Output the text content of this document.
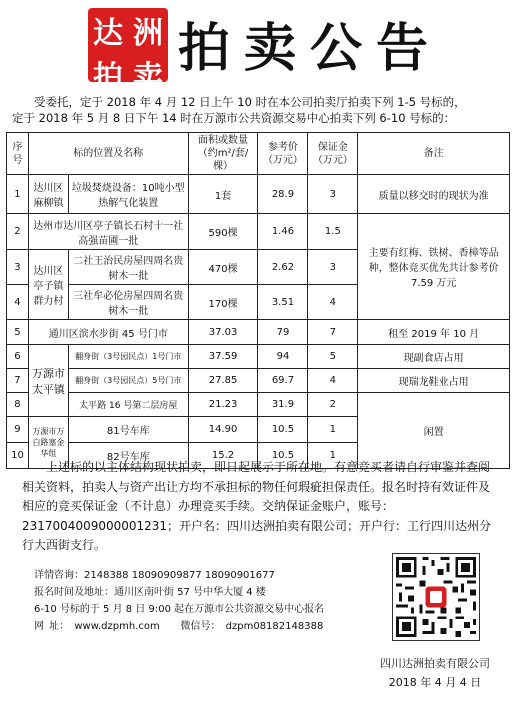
达 洲
拍 卖 拍卖公告
受委托，定于 2018 年 4 月 12 日上午 10 时在本公司拍卖厅拍卖下列 1-5 号标的，
定于 2018 年 5 月 8 日下午 14 时在万源市公共资源交易中心拍卖下列 6-10 号标的：
序号	标的位置及名称		面积或数量（约m²/套/棵）	参考价（万元）	保证金（万元）	备注
1	达川区麻柳镇	垃圾焚烧设备：10吨小型热解气化装置	1套	28.9	3	质量以移交时的现状为准
2	达州市达川区亭子镇长石村十一社高强苗圃一批		590棵	1.46	1.5	主要有红梅、铁树、香樟等品种，整体竞买优先共计参考价 7.59 万元
3	达川区亭子镇群力村	二社王治民房屋四周名贵树木一批	470棵	2.62	3	
4		三社牟必伦房屋四周名贵树木一批	170棵	3.51	4	
5	通川区滨水步街 45 号门市		37.03	79	7	租至 2019 年 10 月
6	万源市太平镇	翻身街（3号园民点）1号门市	37.59	94	5	现副食店占用
7		翻身街（3号园民点）5号门市	27.85	69.7	4	现瑞龙鞋业占用
8		太平路 16 号第二层房屋	21.23	31.9	2	闲置
9	万源市万白路塞金华组	81号车库	14.90	10.5	1	
10		82号车库	15.2	10.5	1	

上述标的以主体结构现状拍卖，即日起展示于所在地。有意竞买者请自行审鉴并查阅相关资料，拍卖人与资产出让方均不承担标的物任何瑕疵担保责任。报名时持有效证件及相应的竞买保证金（不计息）办理竞买手续。交纳保证金账户，账号：2317004009000001231；开户名：四川达洲拍卖有限公司；开户行：工行四川达州分行大西街支行。

详情咨询：2148388 18090909877 18090901677
报名时间及地址：通川区南叶街 57 号中华大厦 4 楼
6-10 号标的于 5 月 8 日 9:00 起在万源市公共资源交易中心报名
网 址： www.dzpmh.com 微信号： dzpm08182148388
四川达洲拍卖有限公司
2018 年 4 月 4 日
